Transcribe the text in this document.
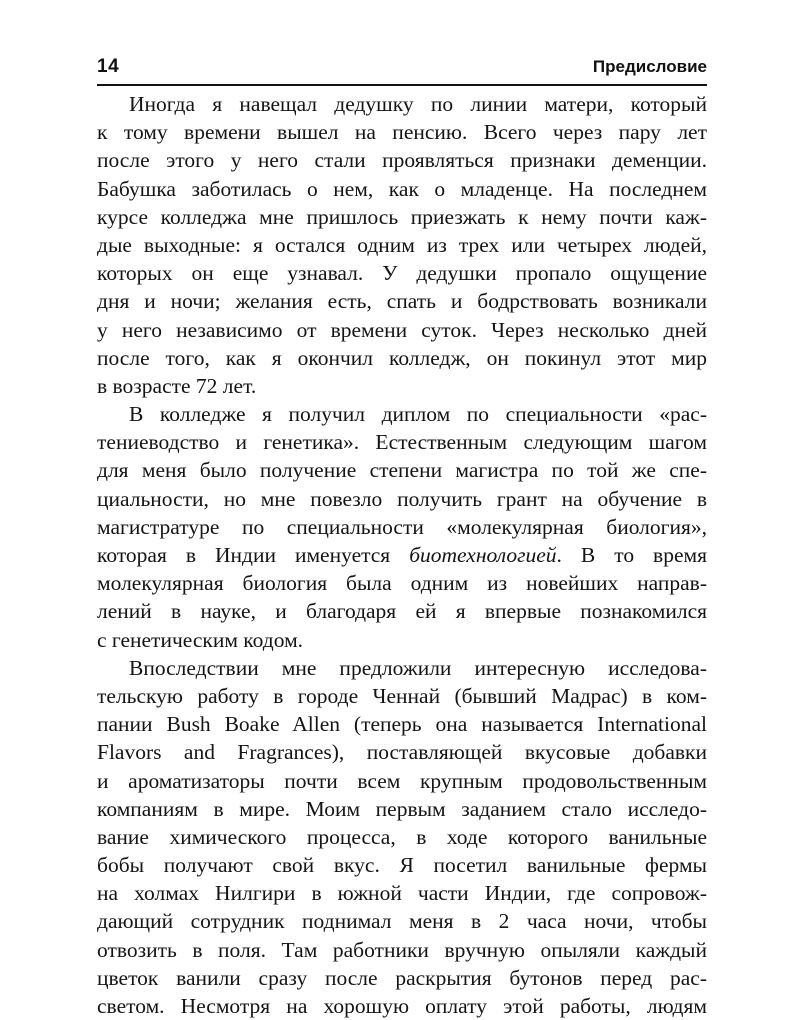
14	Предисловие
Иногда я навещал дедушку по линии матери, который
к тому времени вышел на пенсию. Всего через пару лет
после этого у него стали проявляться признаки деменции.
Бабушка заботилась о нем, как о младенце. На последнем
курсе колледжа мне пришлось приезжать к нему почти каж-
дые выходные: я остался одним из трех или четырех людей,
которых он еще узнавал. У дедушки пропало ощущение
дня и ночи; желания есть, спать и бодрствовать возникали
у него независимо от времени суток. Через несколько дней
после того, как я окончил колледж, он покинул этот мир
в возрасте 72 лет.
В колледже я получил диплом по специальности «рас-
тениеводство и генетика». Естественным следующим шагом
для меня было получение степени магистра по той же спе-
циальности, но мне повезло получить грант на обучение в
магистратуре по специальности «молекулярная биология»,
которая в Индии именуется биотехнологией. В то время
молекулярная биология была одним из новейших направ-
лений в науке, и благодаря ей я впервые познакомился
с генетическим кодом.
Впоследствии мне предложили интересную исследова-
тельскую работу в городе Ченнай (бывший Мадрас) в ком-
пании Bush Boake Allen (теперь она называется International
Flavors and Fragrances), поставляющей вкусовые добавки
и ароматизаторы почти всем крупным продовольственным
компаниям в мире. Моим первым заданием стало исследо-
вание химического процесса, в ходе которого ванильные
бобы получают свой вкус. Я посетил ванильные фермы
на холмах Нилгири в южной части Индии, где сопровож-
дающий сотрудник поднимал меня в 2 часа ночи, чтобы
отвозить в поля. Там работники вручную опыляли каждый
цветок ванили сразу после раскрытия бутонов перед рас-
светом. Несмотря на хорошую оплату этой работы, людям
